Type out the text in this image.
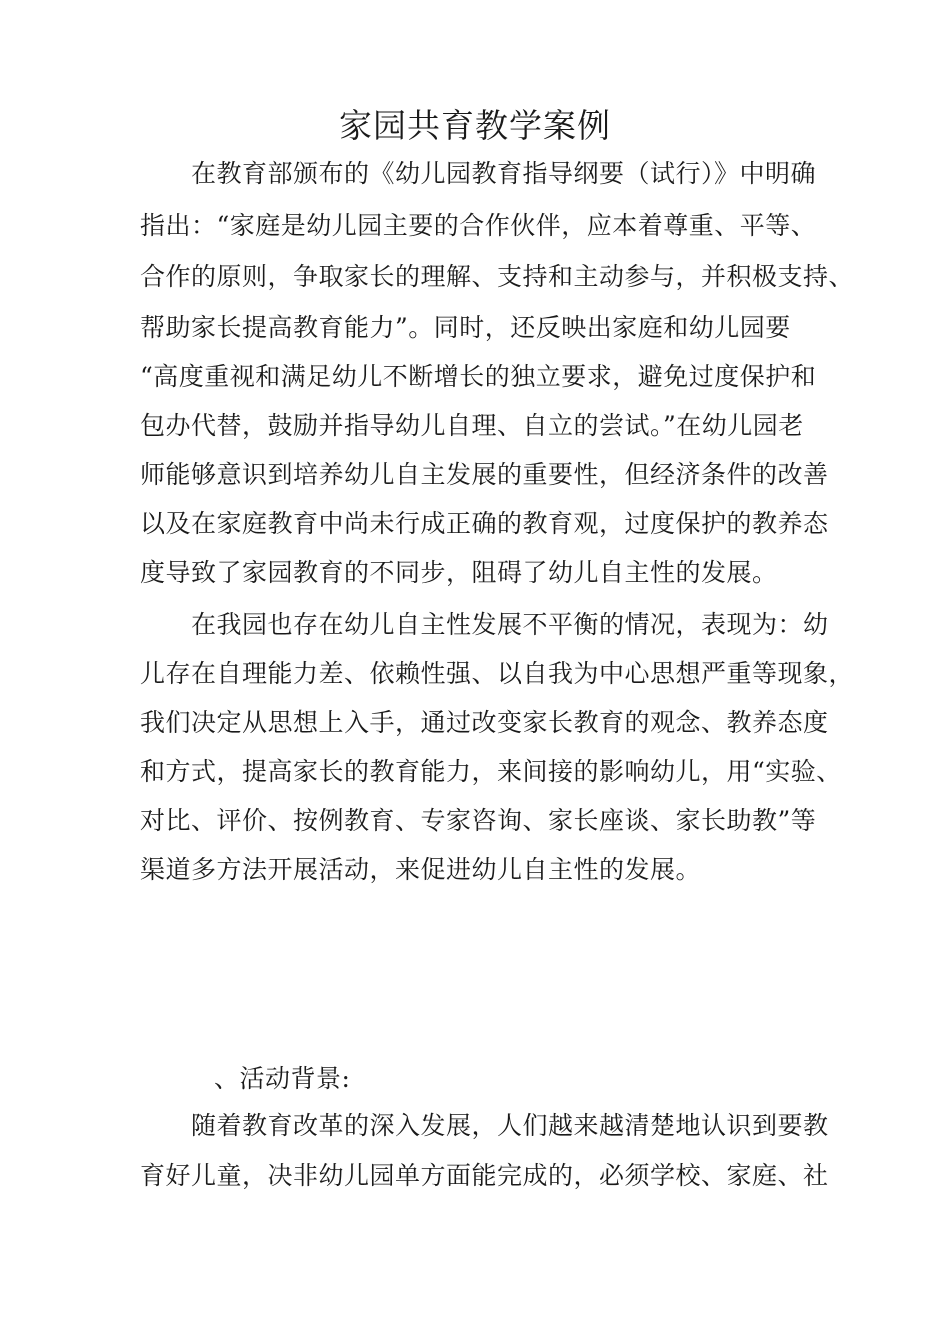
家园共育教学案例
在教育部颁布的《幼儿园教育指导纲要（试行）》中明确
指出：“家庭是幼儿园主要的合作伙伴，应本着尊重、平等、
合作的原则，争取家长的理解、支持和主动参与，并积极支持、
帮助家长提高教育能力”。同时，还反映出家庭和幼儿园要
“高度重视和满足幼儿不断增长的独立要求，避免过度保护和
包办代替，鼓励并指导幼儿自理、自立的尝试。”在幼儿园老
师能够意识到培养幼儿自主发展的重要性，但经济条件的改善
以及在家庭教育中尚未行成正确的教育观，过度保护的教养态
度导致了家园教育的不同步，阻碍了幼儿自主性的发展。
在我园也存在幼儿自主性发展不平衡的情况，表现为：幼
儿存在自理能力差、依赖性强、以自我为中心思想严重等现象，
我们决定从思想上入手，通过改变家长教育的观念、教养态度
和方式，提高家长的教育能力，来间接的影响幼儿，用“实验、
对比、评价、按例教育、专家咨询、家长座谈、家长助教”等
渠道多方法开展活动，来促进幼儿自主性的发展。
、活动背景:
随着教育改革的深入发展，人们越来越清楚地认识到要教
育好儿童，决非幼儿园单方面能完成的，必须学校、家庭、社
